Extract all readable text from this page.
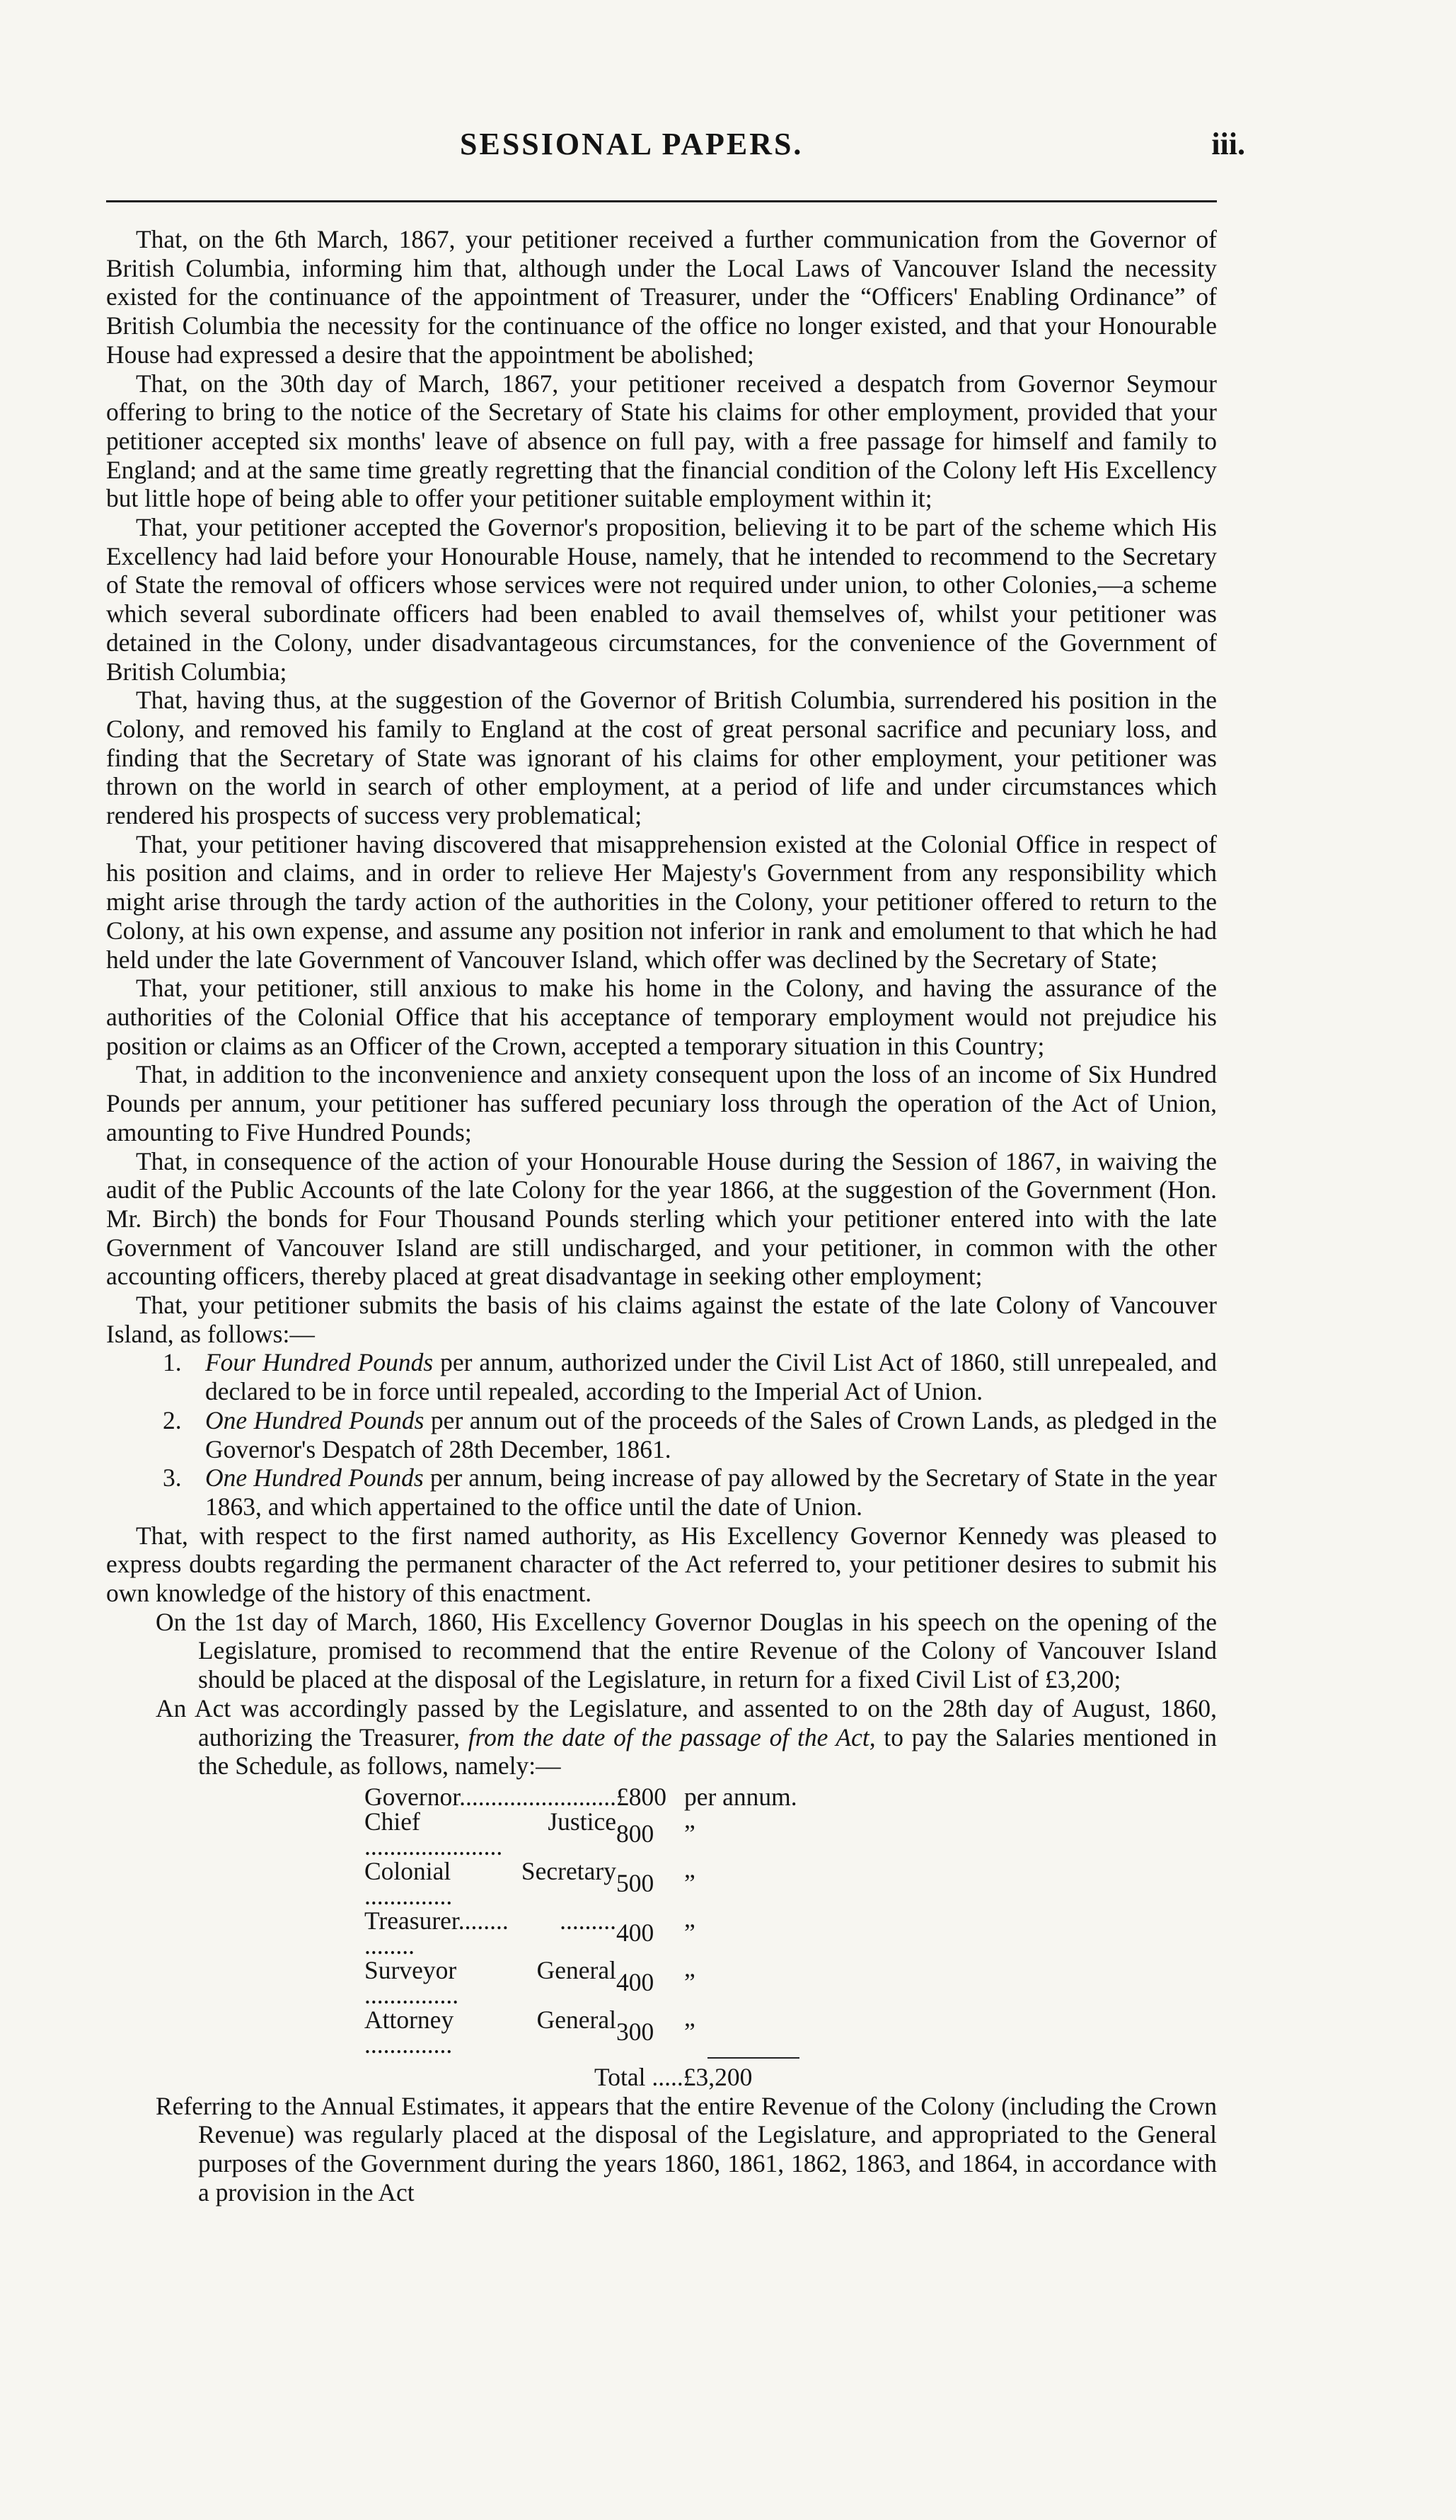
SESSIONAL PAPERS.	iii.

That, on the 6th March, 1867, your petitioner received a further communication from the Governor of British Columbia, informing him that, although under the Local Laws of Vancouver Island the necessity existed for the continuance of the appointment of Treasurer, under the “Officers' Enabling Ordinance” of British Columbia the necessity for the continuance of the office no longer existed, and that your Honourable House had expressed a desire that the appointment be abolished;

That, on the 30th day of March, 1867, your petitioner received a despatch from Governor Seymour offering to bring to the notice of the Secretary of State his claims for other employment, provided that your petitioner accepted six months' leave of absence on full pay, with a free passage for himself and family to England; and at the same time greatly regretting that the financial condition of the Colony left His Excellency but little hope of being able to offer your petitioner suitable employment within it;

That, your petitioner accepted the Governor's proposition, believing it to be part of the scheme which His Excellency had laid before your Honourable House, namely, that he intended to recommend to the Secretary of State the removal of officers whose services were not required under union, to other Colonies,—a scheme which several subordinate officers had been enabled to avail themselves of, whilst your petitioner was detained in the Colony, under disadvantageous circumstances, for the convenience of the Government of British Columbia;

That, having thus, at the suggestion of the Governor of British Columbia, surrendered his position in the Colony, and removed his family to England at the cost of great personal sacrifice and pecuniary loss, and finding that the Secretary of State was ignorant of his claims for other employment, your petitioner was thrown on the world in search of other employment, at a period of life and under circumstances which rendered his prospects of success very problematical;

That, your petitioner having discovered that misapprehension existed at the Colonial Office in respect of his position and claims, and in order to relieve Her Majesty's Government from any responsibility which might arise through the tardy action of the authorities in the Colony, your petitioner offered to return to the Colony, at his own expense, and assume any position not inferior in rank and emolument to that which he had held under the late Government of Vancouver Island, which offer was declined by the Secretary of State;

That, your petitioner, still anxious to make his home in the Colony, and having the assurance of the authorities of the Colonial Office that his acceptance of temporary employment would not prejudice his position or claims as an Officer of the Crown, accepted a temporary situation in this Country;

That, in addition to the inconvenience and anxiety consequent upon the loss of an income of Six Hundred Pounds per annum, your petitioner has suffered pecuniary loss through the operation of the Act of Union, amounting to Five Hundred Pounds;

That, in consequence of the action of your Honourable House during the Session of 1867, in waiving the audit of the Public Accounts of the late Colony for the year 1866, at the suggestion of the Government (Hon. Mr. Birch) the bonds for Four Thousand Pounds sterling which your petitioner entered into with the late Government of Vancouver Island are still undischarged, and your petitioner, in common with the other accounting officers, thereby placed at great disadvantage in seeking other employment;

That, your petitioner submits the basis of his claims against the estate of the late Colony of Vancouver Island, as follows:—

1. Four Hundred Pounds per annum, authorized under the Civil List Act of 1860, still unrepealed, and declared to be in force until repealed, according to the Imperial Act of Union.
2. One Hundred Pounds per annum out of the proceeds of the Sales of Crown Lands, as pledged in the Governor's Despatch of 28th December, 1861.
3. One Hundred Pounds per annum, being increase of pay allowed by the Secretary of State in the year 1863, and which appertained to the office until the date of Union.

That, with respect to the first named authority, as His Excellency Governor Kennedy was pleased to express doubts regarding the permanent character of the Act referred to, your petitioner desires to submit his own knowledge of the history of this enactment.

On the 1st day of March, 1860, His Excellency Governor Douglas in his speech on the opening of the Legislature, promised to recommend that the entire Revenue of the Colony of Vancouver Island should be placed at the disposal of the Legislature, in return for a fixed Civil List of £3,200;

An Act was accordingly passed by the Legislature, and assented to on the 28th day of August, 1860, authorizing the Treasurer, from the date of the passage of the Act, to pay the Salaries mentioned in the Schedule, as follows, namely:—

Governor.........................	£800	per annum.
Chief Justice ......................	800	”
Colonial Secretary ..............	500	”
Treasurer........ ......... ........	400	”
Surveyor General ...............	400	”
Attorney General ..............	300	”
Total .....£3,200

Referring to the Annual Estimates, it appears that the entire Revenue of the Colony (including the Crown Revenue) was regularly placed at the disposal of the Legislature, and appropriated to the General purposes of the Government during the years 1860, 1861, 1862, 1863, and 1864, in accordance with a provision in the Act
